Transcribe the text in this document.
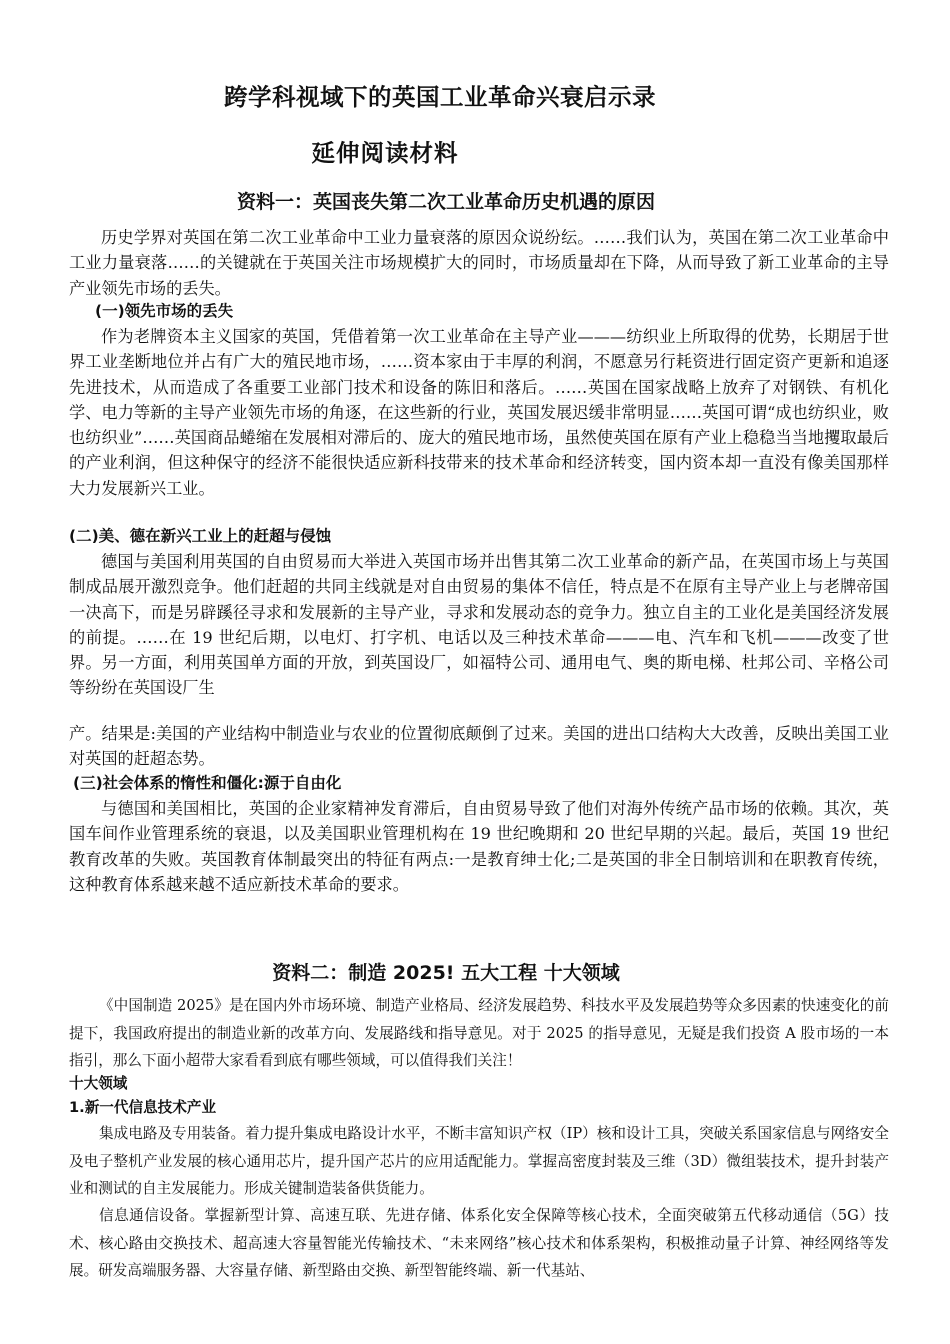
跨学科视域下的英国工业革命兴衰启示录
延伸阅读材料
资料一：英国丧失第二次工业革命历史机遇的原因

历史学界对英国在第二次工业革命中工业力量衰落的原因众说纷纭。……我们认为，英国在第二次工业革命中工业力量衰落……的关键就在于英国关注市场规模扩大的同时，市场质量却在下降，从而导致了新工业革命的主导产业领先市场的丢失。

(一)领先市场的丢失

作为老牌资本主义国家的英国，凭借着第一次工业革命在主导产业———纺织业上所取得的优势，长期居于世界工业垄断地位并占有广大的殖民地市场，……资本家由于丰厚的利润，不愿意另行耗资进行固定资产更新和追逐先进技术，从而造成了各重要工业部门技术和设备的陈旧和落后。……英国在国家战略上放弃了对钢铁、有机化学、电力等新的主导产业领先市场的角逐，在这些新的行业，英国发展迟缓非常明显……英国可谓“成也纺织业，败也纺织业”……英国商品蜷缩在发展相对滞后的、庞大的殖民地市场，虽然使英国在原有产业上稳稳当当地攫取最后的产业利润，但这种保守的经济不能很快适应新科技带来的技术革命和经济转变，国内资本却一直没有像美国那样大力发展新兴工业。

(二)美、德在新兴工业上的赶超与侵蚀

德国与美国利用英国的自由贸易而大举进入英国市场并出售其第二次工业革命的新产品，在英国市场上与英国制成品展开激烈竞争。他们赶超的共同主线就是对自由贸易的集体不信任，特点是不在原有主导产业上与老牌帝国一决高下，而是另辟蹊径寻求和发展新的主导产业，寻求和发展动态的竞争力。独立自主的工业化是美国经济发展的前提。……在 19 世纪后期，以电灯、打字机、电话以及三种技术革命———电、汽车和飞机———改变了世界。另一方面，利用英国单方面的开放，到英国设厂，如福特公司、通用电气、奥的斯电梯、杜邦公司、辛格公司等纷纷在英国设厂生

产。结果是:美国的产业结构中制造业与农业的位置彻底颠倒了过来。美国的进出口结构大大改善，反映出美国工业对英国的赶超态势。

(三)社会体系的惰性和僵化:源于自由化

与德国和美国相比，英国的企业家精神发育滞后，自由贸易导致了他们对海外传统产品市场的依赖。其次，英国车间作业管理系统的衰退，以及美国职业管理机构在 19 世纪晚期和 20 世纪早期的兴起。最后，英国 19 世纪教育改革的失败。英国教育体制最突出的特征有两点:一是教育绅士化;二是英国的非全日制培训和在职教育传统，这种教育体系越来越不适应新技术革命的要求。

资料二：制造 2025! 五大工程 十大领域

《中国制造 2025》是在国内外市场环境、制造产业格局、经济发展趋势、科技水平及发展趋势等众多因素的快速变化的前提下，我国政府提出的制造业新的改革方向、发展路线和指导意见。对于 2025 的指导意见，无疑是我们投资 A 股市场的一本指引，那么下面小超带大家看看到底有哪些领域，可以值得我们关注！

十大领域
1.新一代信息技术产业

集成电路及专用装备。着力提升集成电路设计水平，不断丰富知识产权（IP）核和设计工具，突破关系国家信息与网络安全及电子整机产业发展的核心通用芯片，提升国产芯片的应用适配能力。掌握高密度封装及三维（3D）微组装技术，提升封装产业和测试的自主发展能力。形成关键制造装备供货能力。

信息通信设备。掌握新型计算、高速互联、先进存储、体系化安全保障等核心技术，全面突破第五代移动通信（5G）技术、核心路由交换技术、超高速大容量智能光传输技术、“未来网络”核心技术和体系架构，积极推动量子计算、神经网络等发展。研发高端服务器、大容量存储、新型路由交换、新型智能终端、新一代基站、
